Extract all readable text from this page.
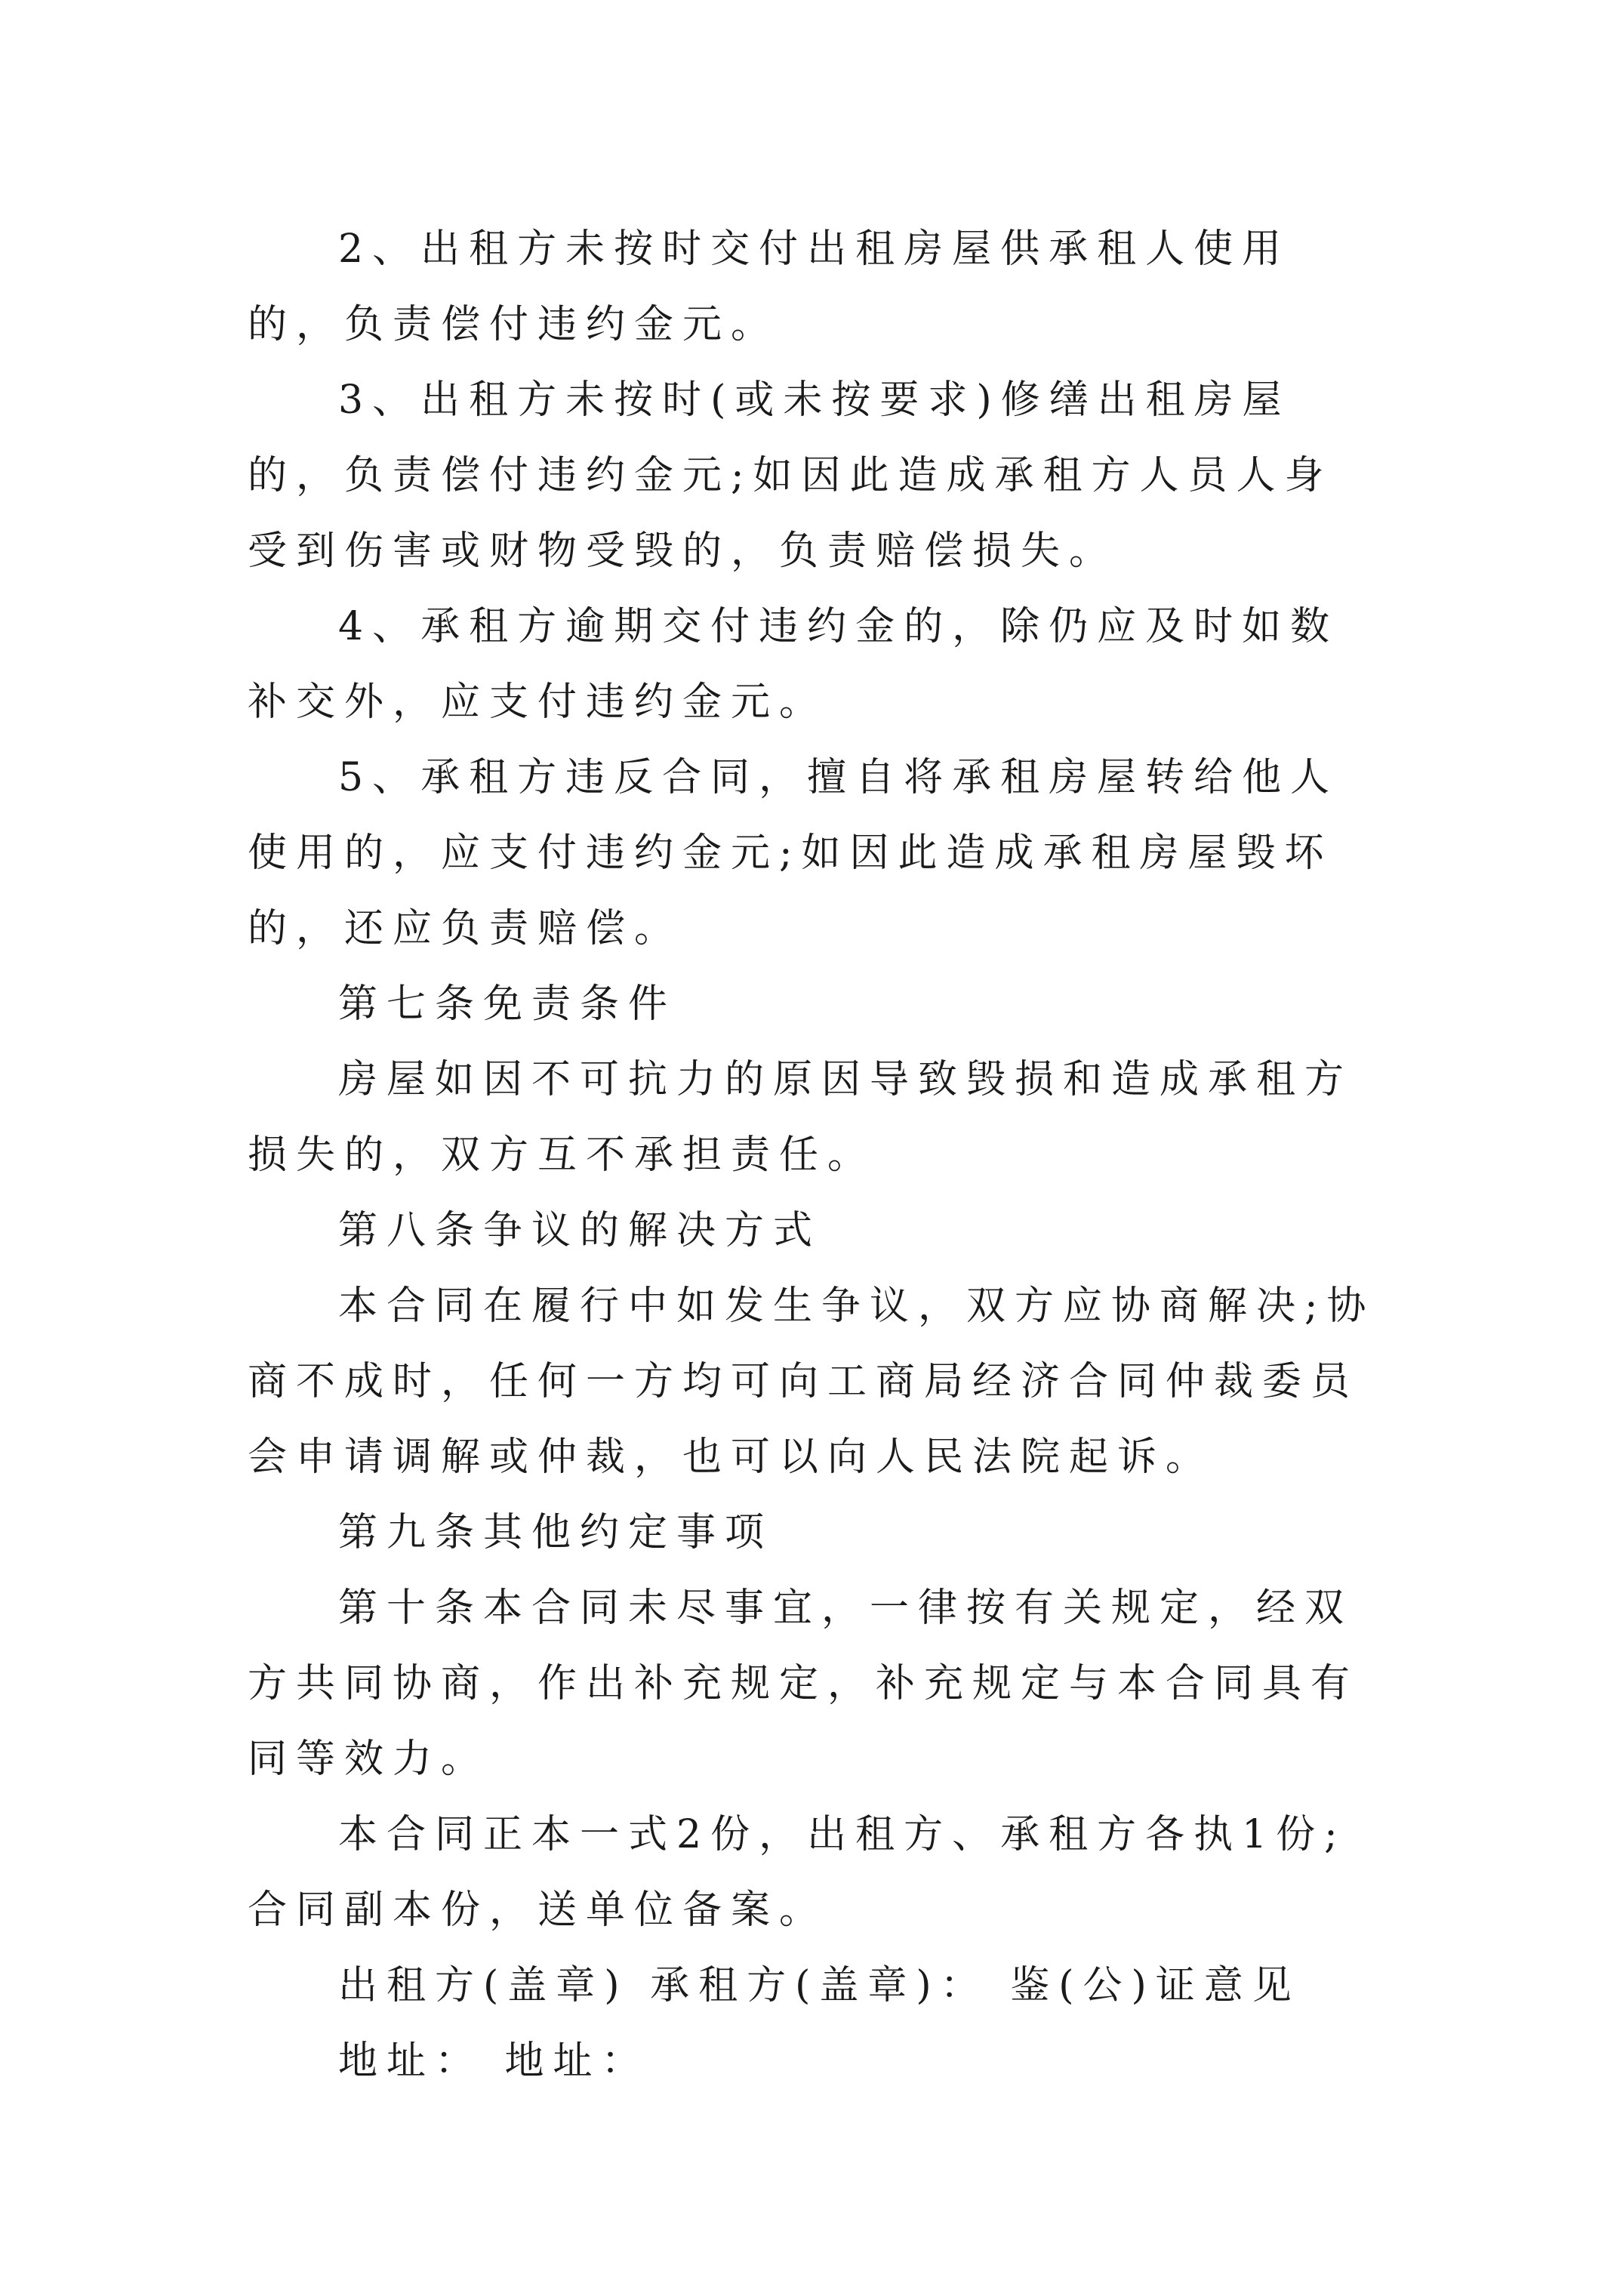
2、出租方未按时交付出租房屋供承租人使用的，负责偿付违约金元。

3、出租方未按时(或未按要求)修缮出租房屋的，负责偿付违约金元;如因此造成承租方人员人身受到伤害或财物受毁的，负责赔偿损失。

4、承租方逾期交付违约金的，除仍应及时如数补交外，应支付违约金元。

5、承租方违反合同，擅自将承租房屋转给他人使用的，应支付违约金元;如因此造成承租房屋毁坏的，还应负责赔偿。

第七条免责条件

房屋如因不可抗力的原因导致毁损和造成承租方损失的，双方互不承担责任。

第八条争议的解决方式

本合同在履行中如发生争议，双方应协商解决;协商不成时，任何一方均可向工商局经济合同仲裁委员会申请调解或仲裁，也可以向人民法院起诉。

第九条其他约定事项

第十条本合同未尽事宜，一律按有关规定，经双方共同协商，作出补充规定，补充规定与本合同具有同等效力。

本合同正本一式2份，出租方、承租方各执1份;合同副本份，送单位备案。

出租方(盖章) 承租方(盖章)： 鉴(公)证意见

地址： 地址：
